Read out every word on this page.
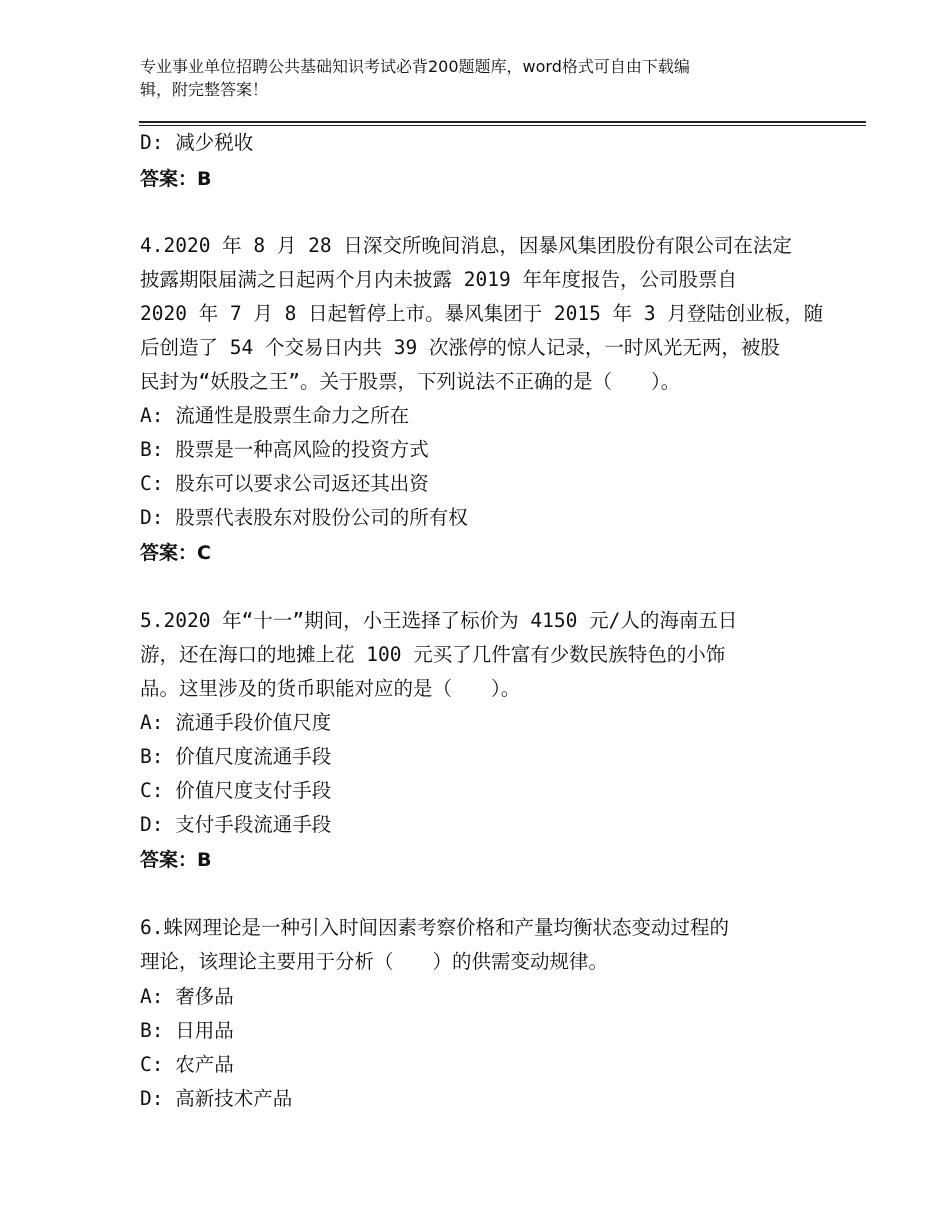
专业事业单位招聘公共基础知识考试必背200题题库，word格式可自由下载编
辑，附完整答案！
D: 减少税收
答案：B
4.2020 年 8 月 28 日深交所晚间消息，因暴风集团股份有限公司在法定
披露期限届满之日起两个月内未披露 2019 年年度报告，公司股票自
2020 年 7 月 8 日起暂停上市。暴风集团于 2015 年 3 月登陆创业板，随
后创造了 54 个交易日内共 39 次涨停的惊人记录，一时风光无两，被股
民封为“妖股之王”。关于股票，下列说法不正确的是（　　）。
A: 流通性是股票生命力之所在
B: 股票是一种高风险的投资方式
C: 股东可以要求公司返还其出资
D: 股票代表股东对股份公司的所有权
答案：C
5.2020 年“十一”期间，小王选择了标价为 4150 元/人的海南五日
游，还在海口的地摊上花 100 元买了几件富有少数民族特色的小饰
品。这里涉及的货币职能对应的是（　　）。
A: 流通手段价值尺度
B: 价值尺度流通手段
C: 价值尺度支付手段
D: 支付手段流通手段
答案：B
6.蛛网理论是一种引入时间因素考察价格和产量均衡状态变动过程的
理论，该理论主要用于分析（　　）的供需变动规律。
A: 奢侈品
B: 日用品
C: 农产品
D: 高新技术产品
